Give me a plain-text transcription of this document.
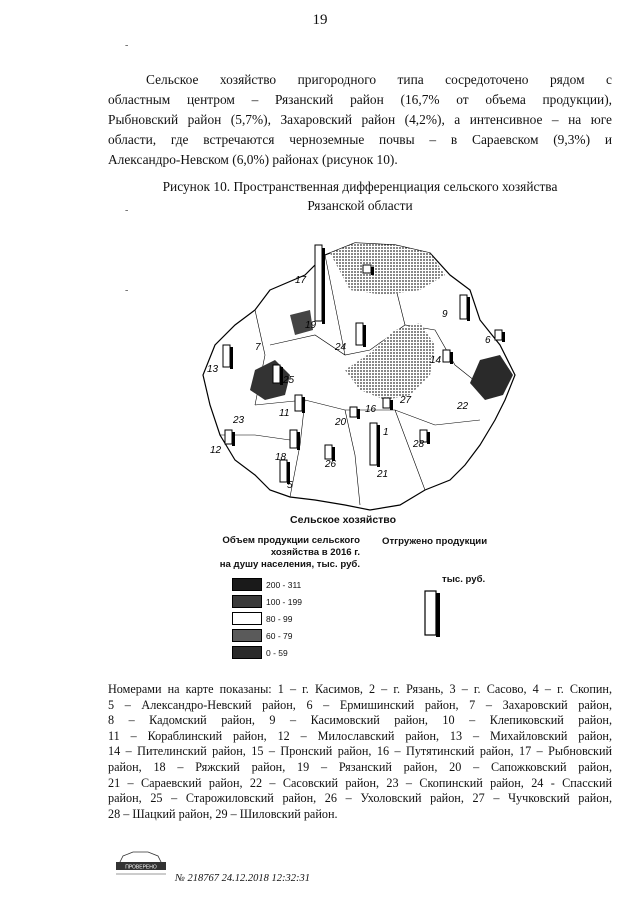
19
Сельское хозяйство пригородного типа сосредоточено рядом с
областным центром – Рязанский район (16,7% от объема продукции),
Рыбновский район (5,7%), Захаровский район (4,2%), а интенсивное – на юге
области, где встречаются черноземные почвы – в Сараевском (9,3%) и
Александро-Невском (6,0%) районах (рисунок 10).
Рисунок 10. Пространственная дифференциация сельского хозяйства
Рязанской области
17
19
9
24
6
13
7
25
14
11
27
16	22
23	20
1
12
18
26
28
21
5
Сельское хозяйство
Объем продукции сельского
хозяйства в 2016 г.
на душу населения, тыс. руб.
200 - 311
100 - 199
80 - 99
60 - 79
0 - 59
Отгружено продукции
тыс. руб.
Номерами на карте показаны: 1 – г. Касимов, 2 – г. Рязань, 3 – г. Сасово, 4 – г. Скопин,
5 – Александро-Невский район, 6 – Ермишинский район, 7 – Захаровский район,
8 – Кадомский район, 9 – Касимовский район, 10 – Клепиковский район,
11 – Кораблинский район, 12 – Милославский район, 13 – Михайловский район,
14 – Пителинский район, 15 – Пронский район, 16 – Путятинский район, 17 – Рыбновский
район, 18 – Ряжский район, 19 – Рязанский район, 20 – Сапожковский район,
21 – Сараевский район, 22 – Сасовский район, 23 – Скопинский район, 24 - Спасский
район, 25 – Старожиловский район, 26 – Ухоловский район, 27 – Чучковский район,
28 – Шацкий район, 29 – Шиловский район.
ПРОВЕРЕНО
№ 218767 24.12.2018 12:32:31
-
-
-
